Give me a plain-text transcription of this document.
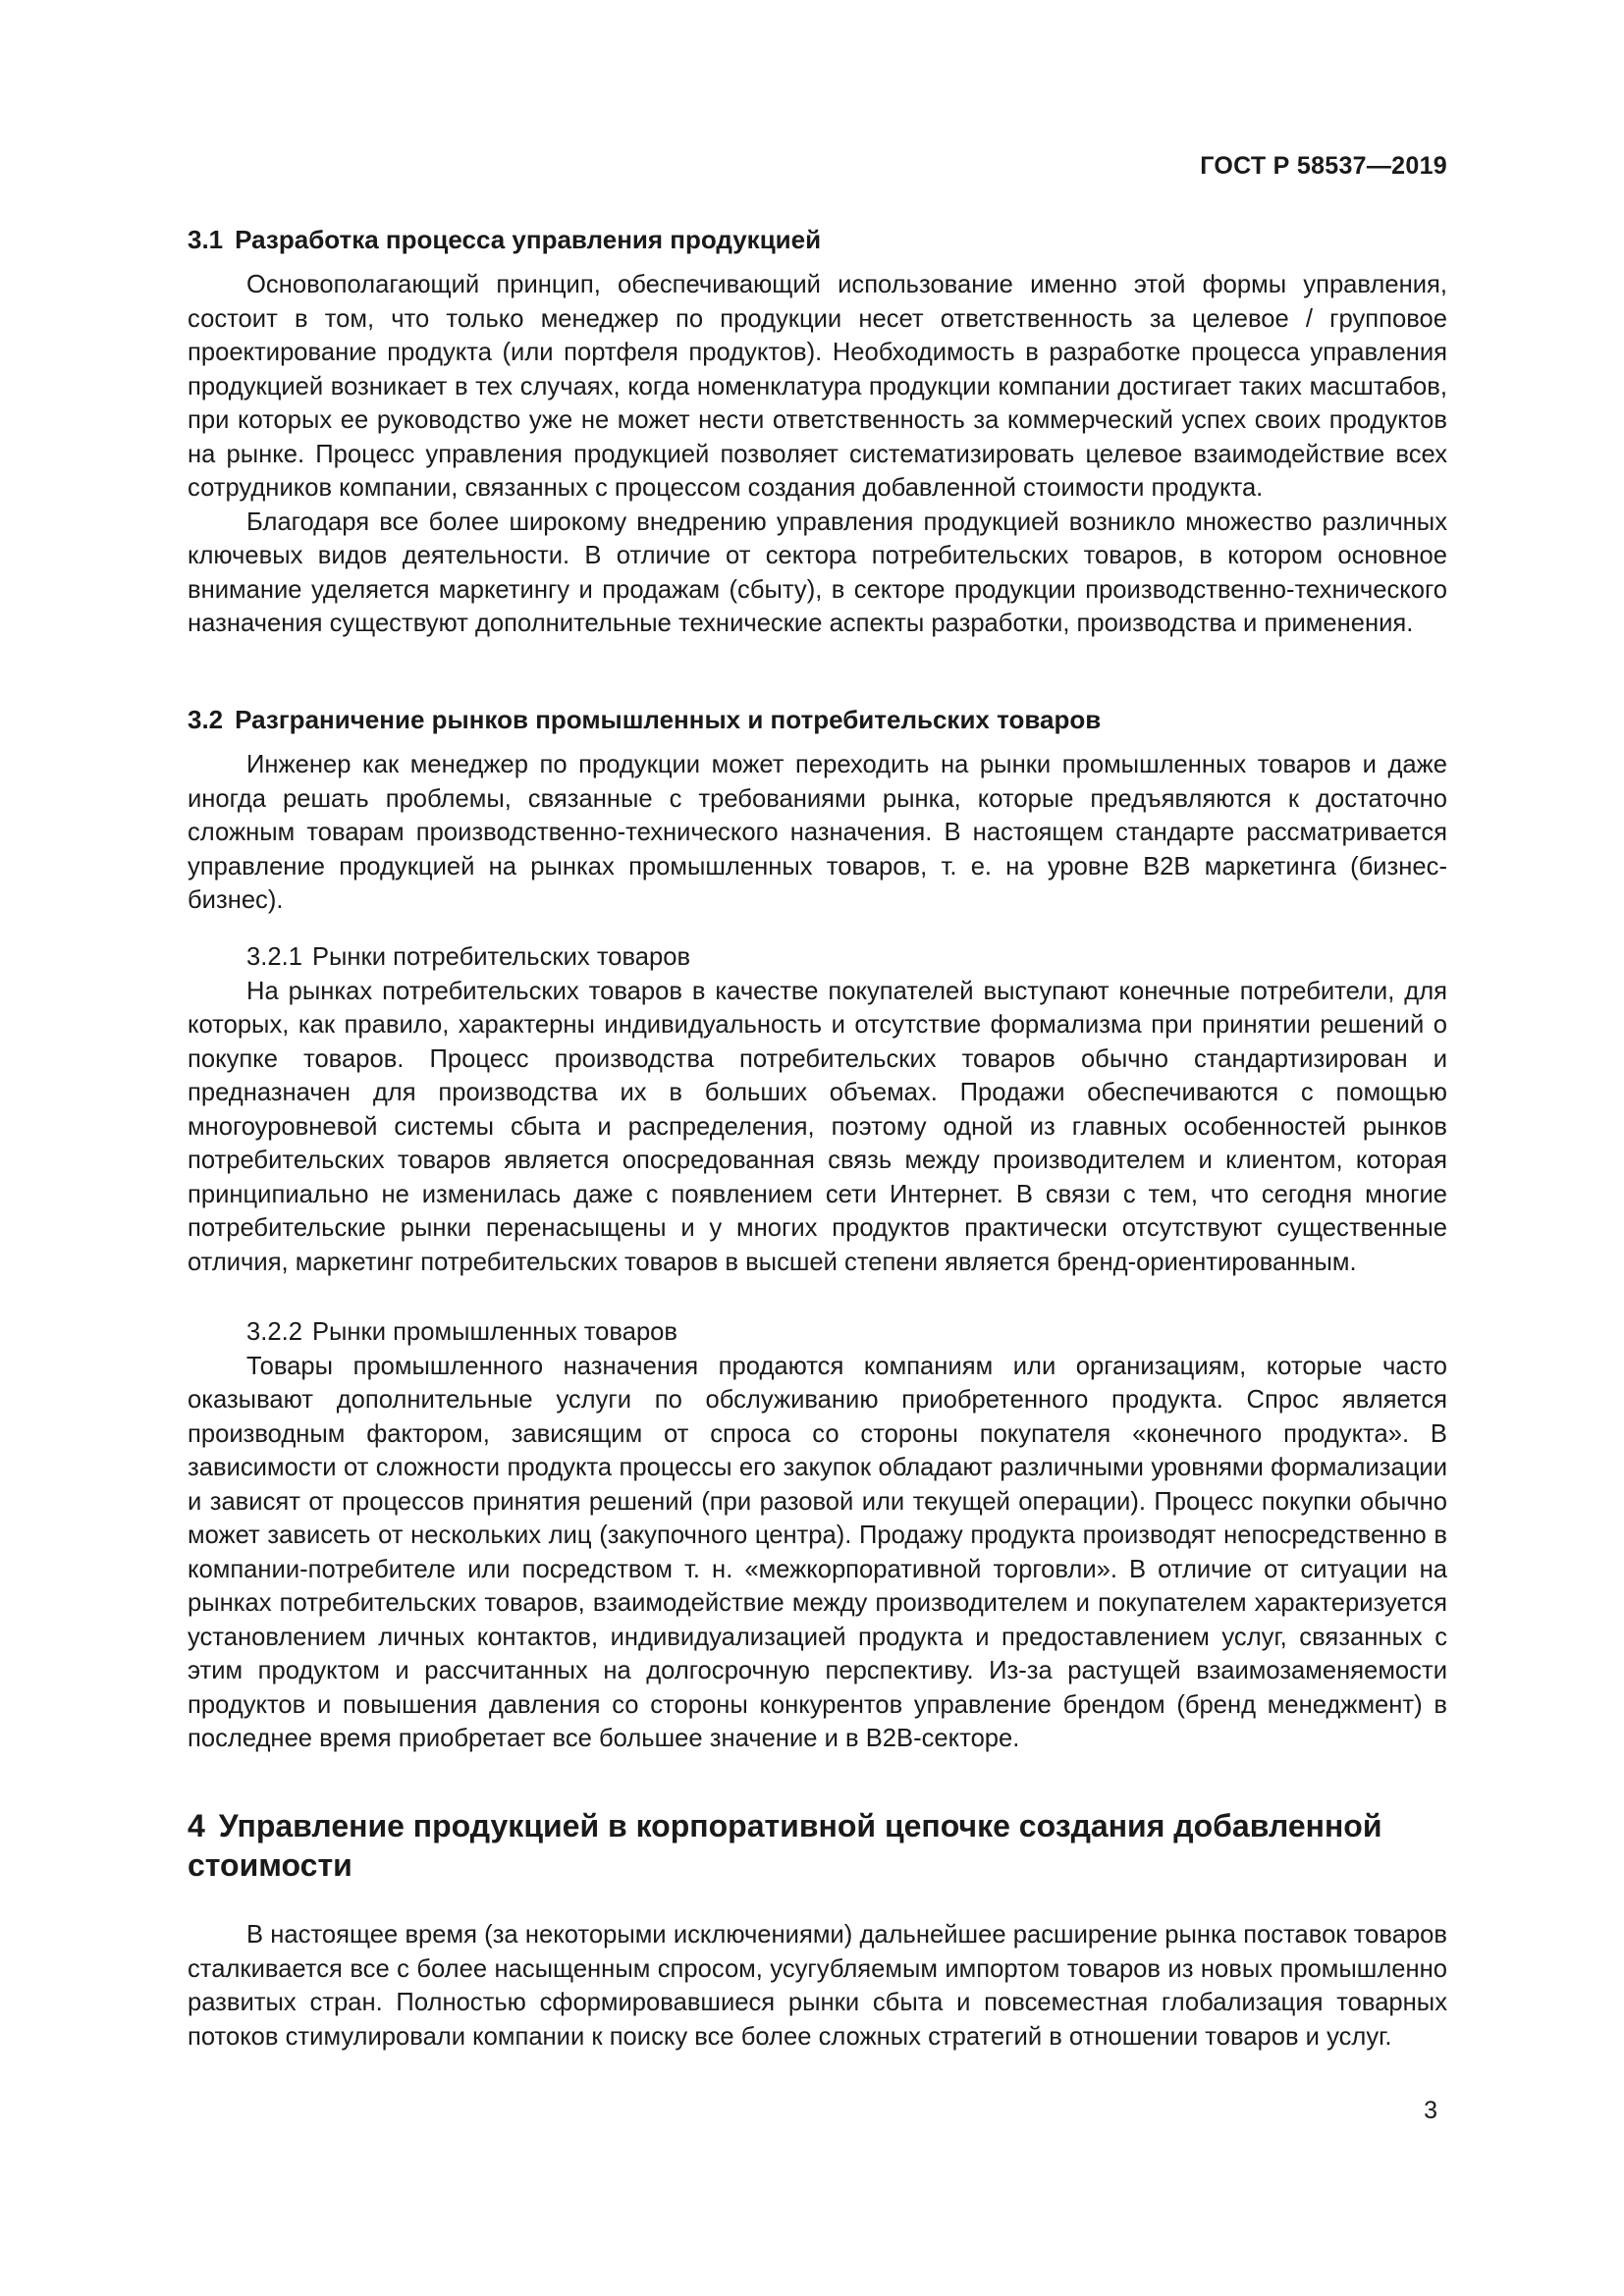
ГОСТ Р 58537—2019
3.1 Разработка процесса управления продукцией

Основополагающий принцип, обеспечивающий использование именно этой формы управления, состоит в том, что только менеджер по продукции несет ответственность за целевое / групповое проектирование продукта (или портфеля продуктов). Необходимость в разработке процесса управления продукцией возникает в тех случаях, когда номенклатура продукции компании достигает таких масштабов, при которых ее руководство уже не может нести ответственность за коммерческий успех своих продуктов на рынке. Процесс управления продукцией позволяет систематизировать целевое взаимодействие всех сотрудников компании, связанных с процессом создания добавленной стоимости продукта.

Благодаря все более широкому внедрению управления продукцией возникло множество различных ключевых видов деятельности. В отличие от сектора потребительских товаров, в котором основное внимание уделяется маркетингу и продажам (сбыту), в секторе продукции производственно-технического назначения существуют дополнительные технические аспекты разработки, производства и применения.

3.2 Разграничение рынков промышленных и потребительских товаров

Инженер как менеджер по продукции может переходить на рынки промышленных товаров и даже иногда решать проблемы, связанные с требованиями рынка, которые предъявляются к достаточно сложным товарам производственно-технического назначения. В настоящем стандарте рассматривается управление продукцией на рынках промышленных товаров, т. е. на уровне B2B маркетинга (бизнес-бизнес).

3.2.1 Рынки потребительских товаров

На рынках потребительских товаров в качестве покупателей выступают конечные потребители, для которых, как правило, характерны индивидуальность и отсутствие формализма при принятии решений о покупке товаров. Процесс производства потребительских товаров обычно стандартизирован и предназначен для производства их в больших объемах. Продажи обеспечиваются с помощью многоуровневой системы сбыта и распределения, поэтому одной из главных особенностей рынков потребительских товаров является опосредованная связь между производителем и клиентом, которая принципиально не изменилась даже с появлением сети Интернет. В связи с тем, что сегодня многие потребительские рынки перенасыщены и у многих продуктов практически отсутствуют существенные отличия, маркетинг потребительских товаров в высшей степени является бренд-ориентированным.

3.2.2 Рынки промышленных товаров

Товары промышленного назначения продаются компаниям или организациям, которые часто оказывают дополнительные услуги по обслуживанию приобретенного продукта. Спрос является производным фактором, зависящим от спроса со стороны покупателя «конечного продукта». В зависимости от сложности продукта процессы его закупок обладают различными уровнями формализации и зависят от процессов принятия решений (при разовой или текущей операции). Процесс покупки обычно может зависеть от нескольких лиц (закупочного центра). Продажу продукта производят непосредственно в компании-потребителе или посредством т. н. «межкорпоративной торговли». В отличие от ситуации на рынках потребительских товаров, взаимодействие между производителем и покупателем характеризуется установлением личных контактов, индивидуализацией продукта и предоставлением услуг, связанных с этим продуктом и рассчитанных на долгосрочную перспективу. Из-за растущей взаимозаменяемости продуктов и повышения давления со стороны конкурентов управление брендом (бренд менеджмент) в последнее время приобретает все большее значение и в B2B-секторе.

4 Управление продукцией в корпоративной цепочке создания добавленной стоимости

В настоящее время (за некоторыми исключениями) дальнейшее расширение рынка поставок товаров сталкивается все с более насыщенным спросом, усугубляемым импортом товаров из новых промышленно развитых стран. Полностью сформировавшиеся рынки сбыта и повсеместная глобализация товарных потоков стимулировали компании к поиску все более сложных стратегий в отношении товаров и услуг.

3
